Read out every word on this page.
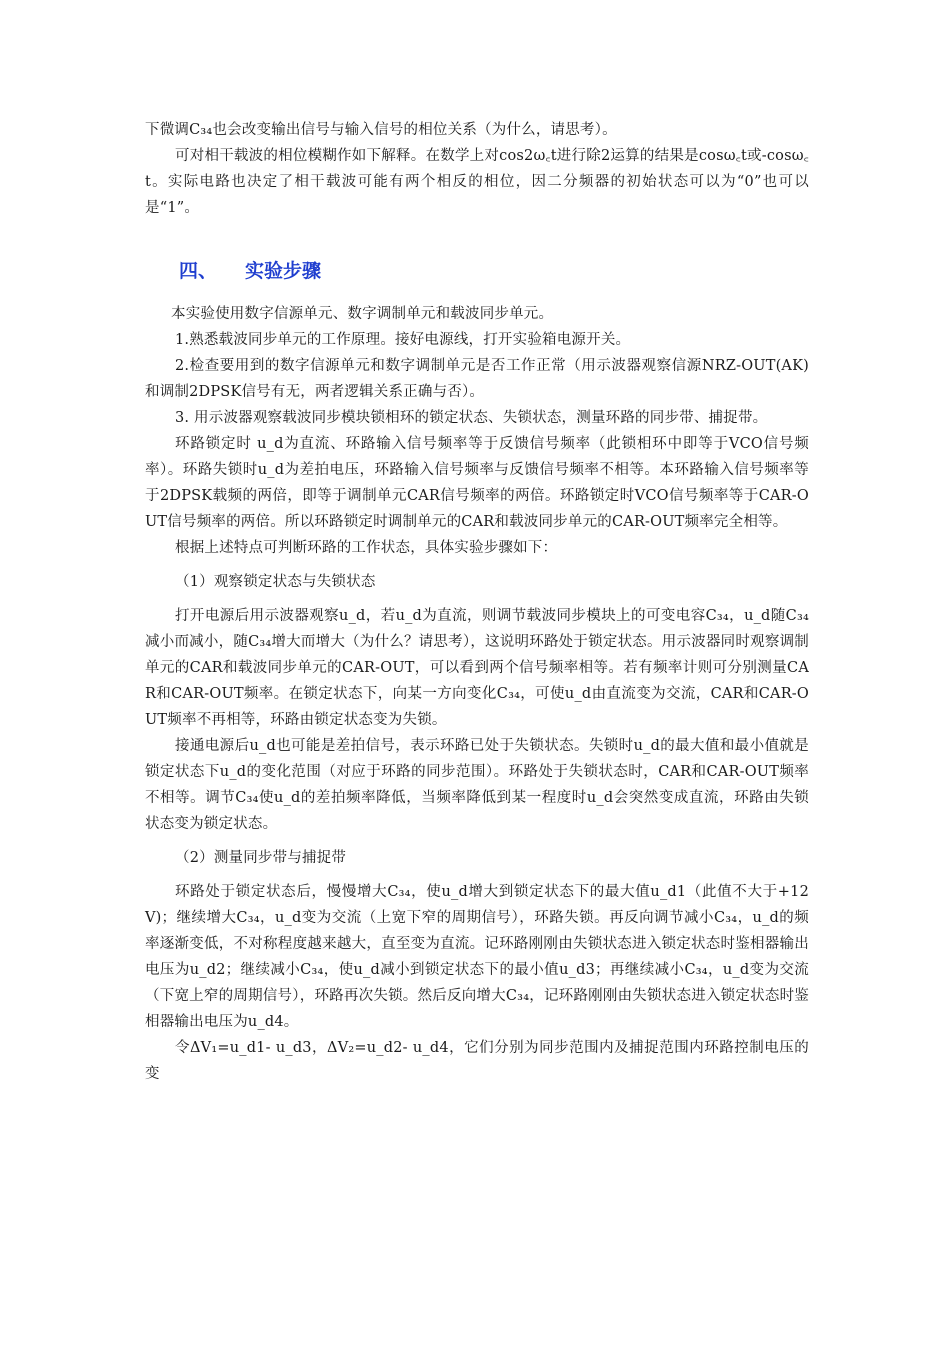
下微调C₃₄也会改变输出信号与输入信号的相位关系（为什么，请思考）。

可对相干载波的相位模糊作如下解释。在数学上对cos2ω꜀t进行除2运算的结果是cosω꜀t或-cosω꜀t。实际电路也决定了相干载波可能有两个相反的相位，因二分频器的初始状态可以为“0”也可以是“1”。

四、 实验步骤

本实验使用数字信源单元、数字调制单元和载波同步单元。

1.熟悉载波同步单元的工作原理。接好电源线，打开实验箱电源开关。

2.检查要用到的数字信源单元和数字调制单元是否工作正常（用示波器观察信源NRZ-OUT(AK)和调制2DPSK信号有无，两者逻辑关系正确与否）。

3. 用示波器观察载波同步模块锁相环的锁定状态、失锁状态，测量环路的同步带、捕捉带。

环路锁定时 u_d为直流、环路输入信号频率等于反馈信号频率（此锁相环中即等于VCO信号频率）。环路失锁时u_d为差拍电压，环路输入信号频率与反馈信号频率不相等。本环路输入信号频率等于2DPSK载频的两倍，即等于调制单元CAR信号频率的两倍。环路锁定时VCO信号频率等于CAR-OUT信号频率的两倍。所以环路锁定时调制单元的CAR和载波同步单元的CAR-OUT频率完全相等。

根据上述特点可判断环路的工作状态，具体实验步骤如下：

（1）观察锁定状态与失锁状态

打开电源后用示波器观察u_d，若u_d为直流，则调节载波同步模块上的可变电容C₃₄，u_d随C₃₄减小而减小，随C₃₄增大而增大（为什么？请思考），这说明环路处于锁定状态。用示波器同时观察调制单元的CAR和载波同步单元的CAR-OUT，可以看到两个信号频率相等。若有频率计则可分别测量CAR和CAR-OUT频率。在锁定状态下，向某一方向变化C₃₄，可使u_d由直流变为交流，CAR和CAR-OUT频率不再相等，环路由锁定状态变为失锁。

接通电源后u_d也可能是差拍信号，表示环路已处于失锁状态。失锁时u_d的最大值和最小值就是锁定状态下u_d的变化范围（对应于环路的同步范围）。环路处于失锁状态时，CAR和CAR-OUT频率不相等。调节C₃₄使u_d的差拍频率降低，当频率降低到某一程度时u_d会突然变成直流，环路由失锁状态变为锁定状态。

（2）测量同步带与捕捉带

环路处于锁定状态后，慢慢增大C₃₄，使u_d增大到锁定状态下的最大值u_d1（此值不大于+12V)；继续增大C₃₄，u_d变为交流（上宽下窄的周期信号），环路失锁。再反向调节减小C₃₄，u_d的频率逐渐变低，不对称程度越来越大，直至变为直流。记环路刚刚由失锁状态进入锁定状态时鉴相器输出电压为u_d2；继续减小C₃₄，使u_d减小到锁定状态下的最小值u_d3；再继续减小C₃₄，u_d变为交流（下宽上窄的周期信号），环路再次失锁。然后反向增大C₃₄，记环路刚刚由失锁状态进入锁定状态时鉴相器输出电压为u_d4。

令ΔV₁=u_d1- u_d3，ΔV₂=u_d2- u_d4，它们分别为同步范围内及捕捉范围内环路控制电压的变
